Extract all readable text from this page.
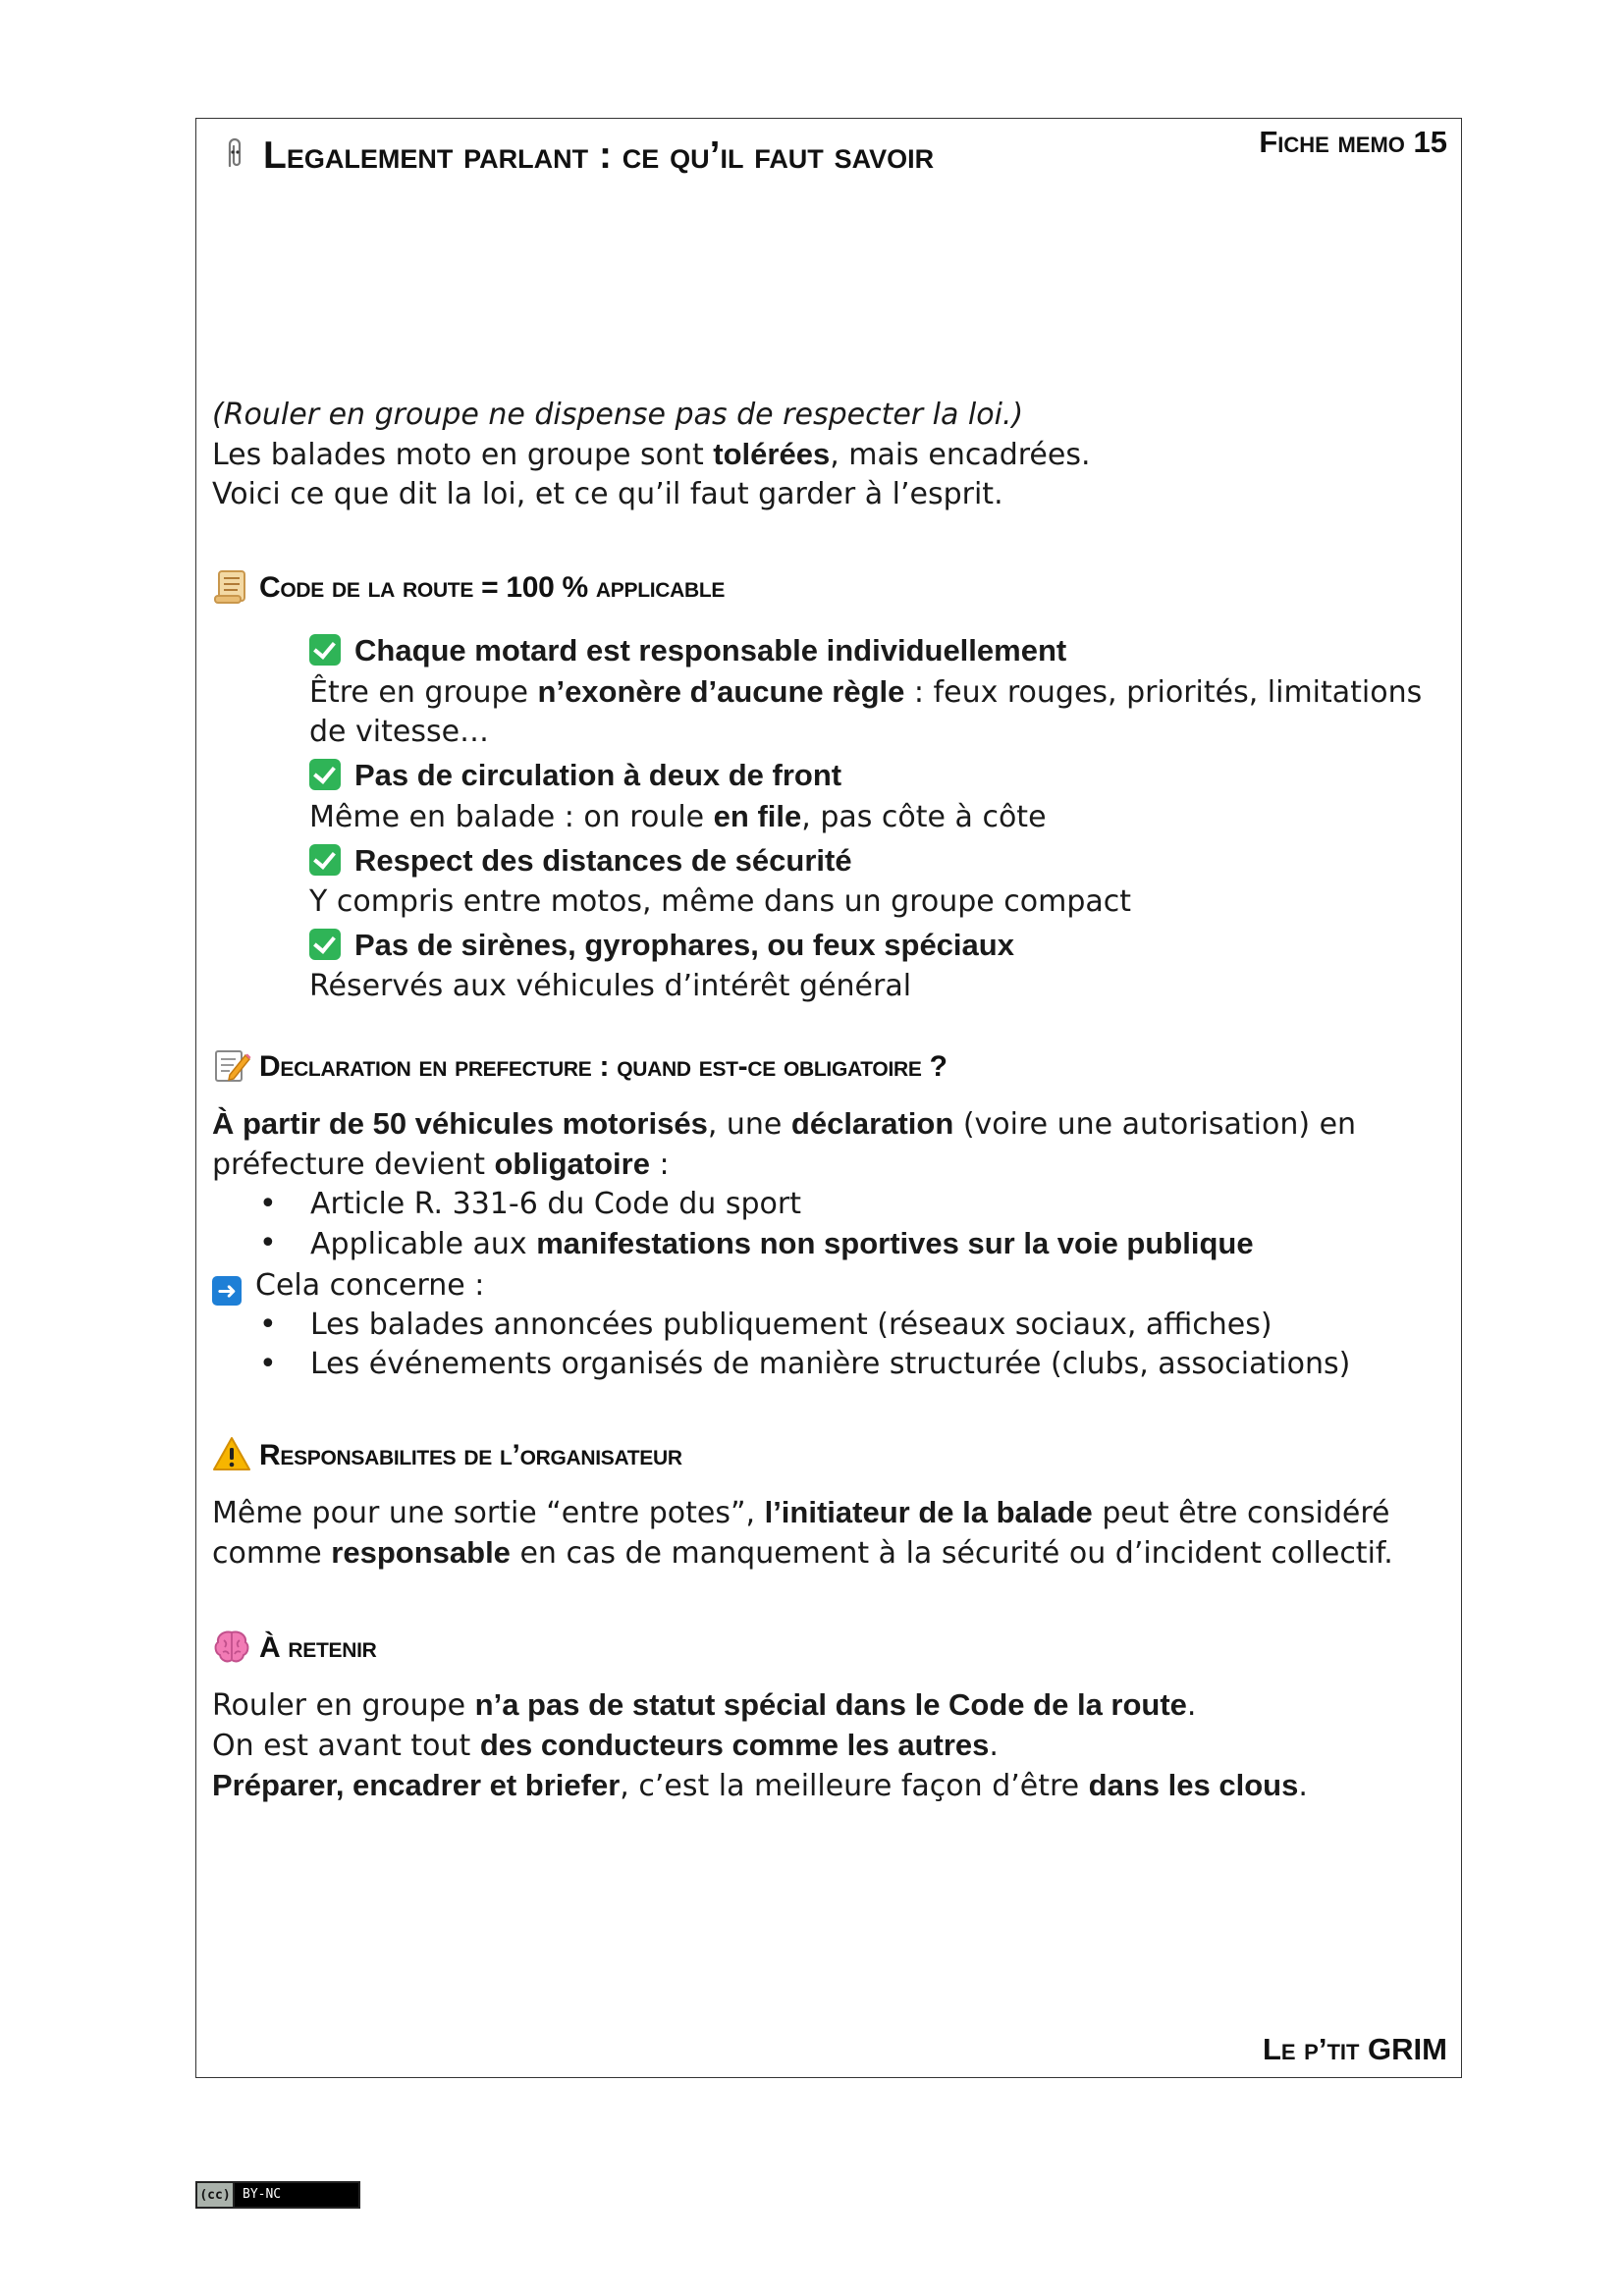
Legalement parlant : ce qu’il faut savoir	Fiche memo 15

(Rouler en groupe ne dispense pas de respecter la loi.)

Les balades moto en groupe sont tolérées, mais encadrées.

Voici ce que dit la loi, et ce qu’il faut garder à l’esprit.

Code de la route = 100 % applicable
Chaque motard est responsable individuellement
Être en groupe n’exonère d’aucune règle : feux rouges, priorités, limitations de vitesse…
Pas de circulation à deux de front
Même en balade : on roule en file, pas côte à côte
Respect des distances de sécurité
Y compris entre motos, même dans un groupe compact
Pas de sirènes, gyrophares, ou feux spéciaux
Réservés aux véhicules d’intérêt général
Declaration en prefecture : quand est-ce obligatoire ?

À partir de 50 véhicules motorisés, une déclaration (voire une autorisation) en préfecture devient obligatoire :

• Article R. 331-6 du Code du sport
• Applicable aux manifestations non sportives sur la voie publique

➜ Cela concerne :

• Les balades annoncées publiquement (réseaux sociaux, affiches)
• Les événements organisés de manière structurée (clubs, associations)
Responsabilites de l’organisateur

Même pour une sortie “entre potes”, l’initiateur de la balade peut être considéré comme responsable en cas de manquement à la sécurité ou d’incident collectif.

À retenir

Rouler en groupe n’a pas de statut spécial dans le Code de la route.

On est avant tout des conducteurs comme les autres.

Préparer, encadrer et briefer, c’est la meilleure façon d’être dans les clous.

Le p’tit GRIM
(cc) BY-NC
